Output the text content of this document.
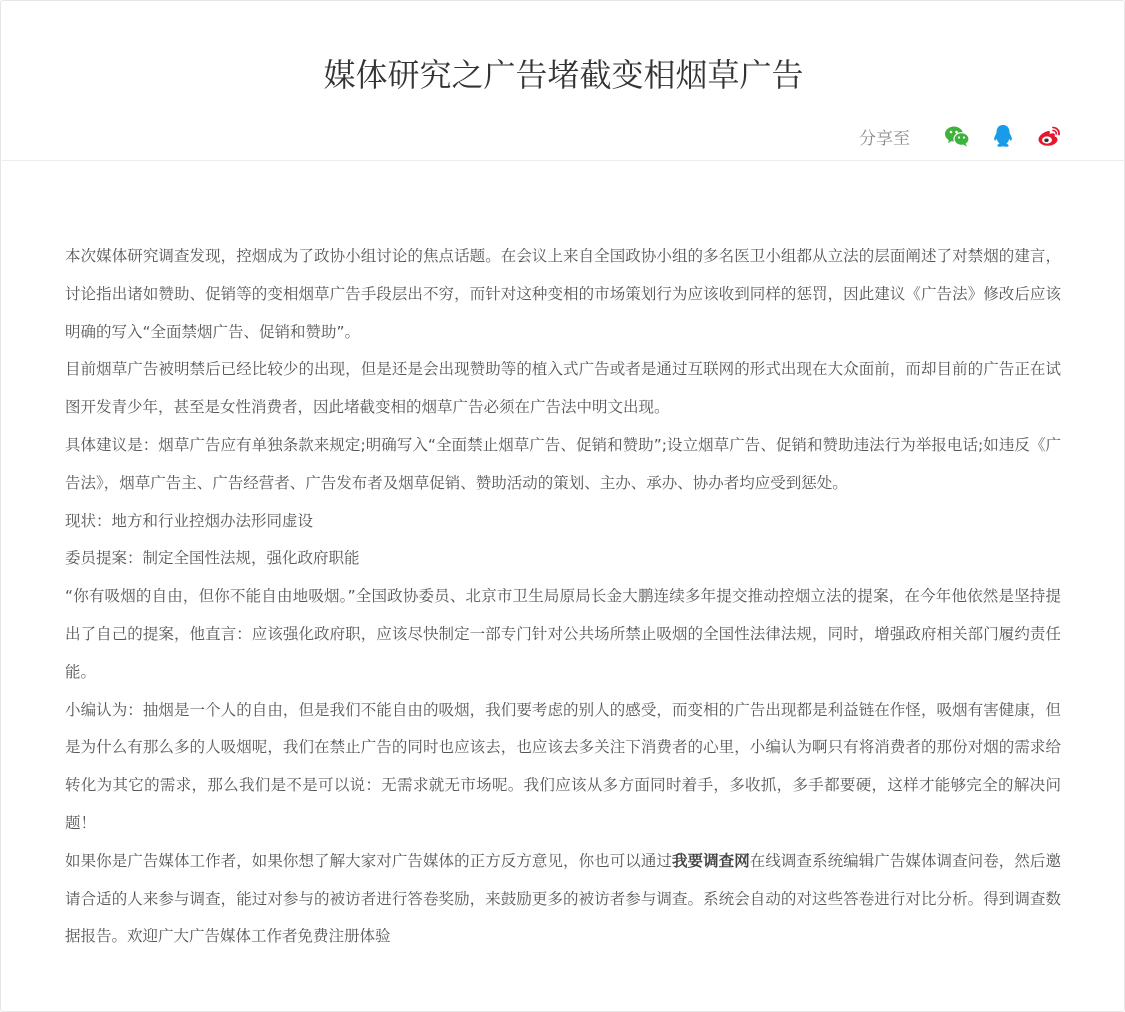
媒体研究之广告堵截变相烟草广告
分享至

本次媒体研究调查发现，控烟成为了政协小组讨论的焦点话题。在会议上来自全国政协小组的多名医卫小组都从立法的层面阐述了对禁烟的建言，讨论指出诸如赞助、促销等的变相烟草广告手段层出不穷，而针对这种变相的市场策划行为应该收到同样的惩罚，因此建议《广告法》修改后应该明确的写入“全面禁烟广告、促销和赞助”。

目前烟草广告被明禁后已经比较少的出现，但是还是会出现赞助等的植入式广告或者是通过互联网的形式出现在大众面前，而却目前的广告正在试图开发青少年，甚至是女性消费者，因此堵截变相的烟草广告必须在广告法中明文出现。

具体建议是：烟草广告应有单独条款来规定;明确写入“全面禁止烟草广告、促销和赞助”;设立烟草广告、促销和赞助违法行为举报电话;如违反《广告法》，烟草广告主、广告经营者、广告发布者及烟草促销、赞助活动的策划、主办、承办、协办者均应受到惩处。

现状：地方和行业控烟办法形同虚设

委员提案：制定全国性法规，强化政府职能

“你有吸烟的自由，但你不能自由地吸烟。”全国政协委员、北京市卫生局原局长金大鹏连续多年提交推动控烟立法的提案，在今年他依然是坚持提出了自己的提案，他直言：应该强化政府职，应该尽快制定一部专门针对公共场所禁止吸烟的全国性法律法规，同时，增强政府相关部门履约责任能。

小编认为：抽烟是一个人的自由，但是我们不能自由的吸烟，我们要考虑的别人的感受，而变相的广告出现都是利益链在作怪，吸烟有害健康，但是为什么有那么多的人吸烟呢，我们在禁止广告的同时也应该去，也应该去多关注下消费者的心里，小编认为啊只有将消费者的那份对烟的需求给转化为其它的需求，那么我们是不是可以说：无需求就无市场呢。我们应该从多方面同时着手，多收抓，多手都要硬，这样才能够完全的解决问题！

如果你是广告媒体工作者，如果你想了解大家对广告媒体的正方反方意见，你也可以通过我要调查网在线调查系统编辑广告媒体调查问卷，然后邀请合适的人来参与调查，能过对参与的被访者进行答卷奖励，来鼓励更多的被访者参与调查。系统会自动的对这些答卷进行对比分析。得到调查数据报告。欢迎广大广告媒体工作者免费注册体验
